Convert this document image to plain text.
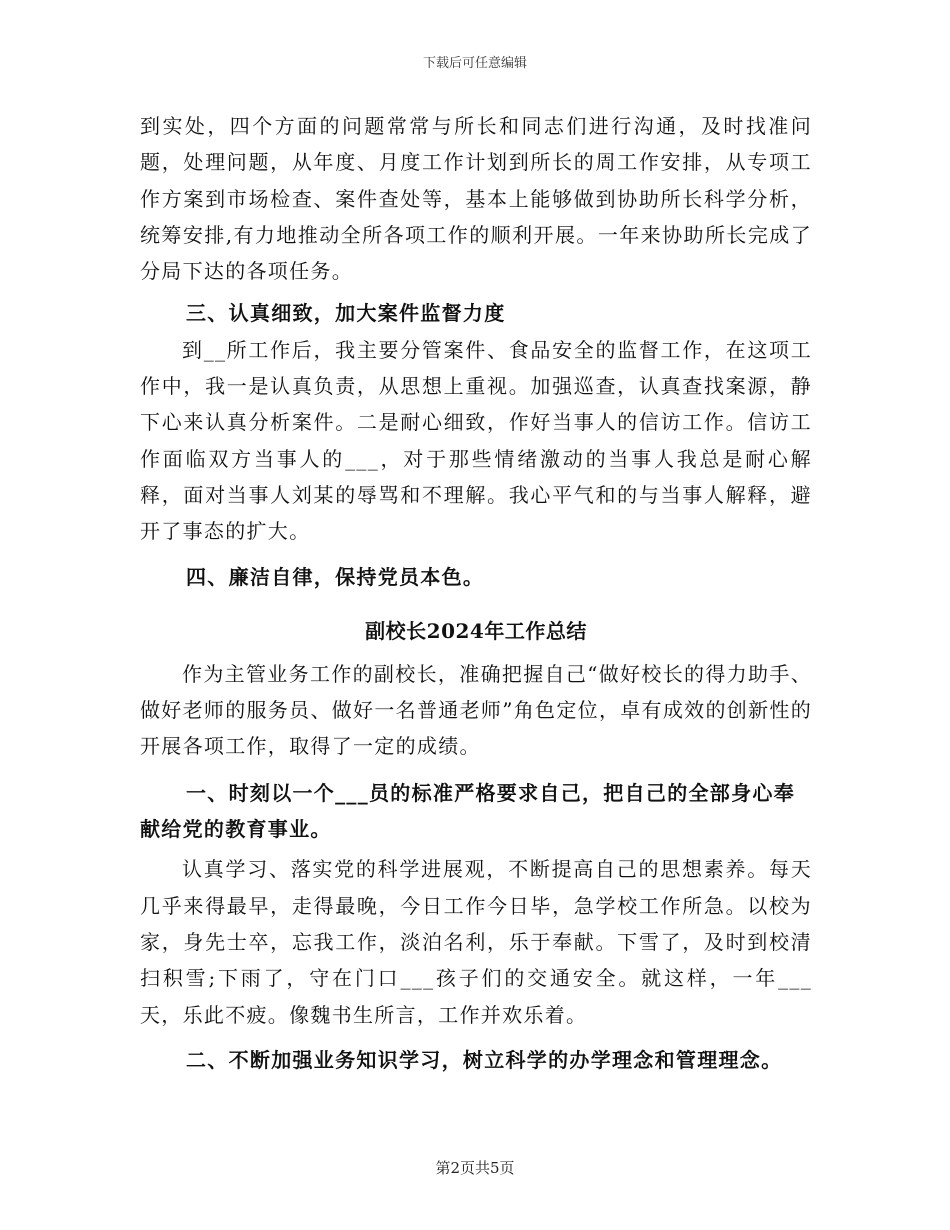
下载后可任意编辑

到实处，四个方面的问题常常与所长和同志们进行沟通，及时找准问题，处理问题，从年度、月度工作计划到所长的周工作安排，从专项工作方案到市场检查、案件查处等，基本上能够做到协助所长科学分析，统筹安排,有力地推动全所各项工作的顺利开展。一年来协助所长完成了分局下达的各项任务。

三、认真细致，加大案件监督力度

到__所工作后，我主要分管案件、食品安全的监督工作，在这项工作中，我一是认真负责，从思想上重视。加强巡查，认真查找案源，静下心来认真分析案件。二是耐心细致，作好当事人的信访工作。信访工作面临双方当事人的___，对于那些情绪激动的当事人我总是耐心解释，面对当事人刘某的辱骂和不理解。我心平气和的与当事人解释，避开了事态的扩大。

四、廉洁自律，保持党员本色。

副校长2024年工作总结

作为主管业务工作的副校长，准确把握自己“做好校长的得力助手、做好老师的服务员、做好一名普通老师”角色定位，卓有成效的创新性的开展各项工作，取得了一定的成绩。

一、时刻以一个___员的标准严格要求自己，把自己的全部身心奉献给党的教育事业。

认真学习、落实党的科学进展观，不断提高自己的思想素养。每天几乎来得最早，走得最晚，今日工作今日毕，急学校工作所急。以校为家，身先士卒，忘我工作，淡泊名利，乐于奉献。下雪了，及时到校清扫积雪;下雨了，守在门口___孩子们的交通安全。就这样，一年___天，乐此不疲。像魏书生所言，工作并欢乐着。

二、不断加强业务知识学习，树立科学的办学理念和管理理念。

第2页共5页
